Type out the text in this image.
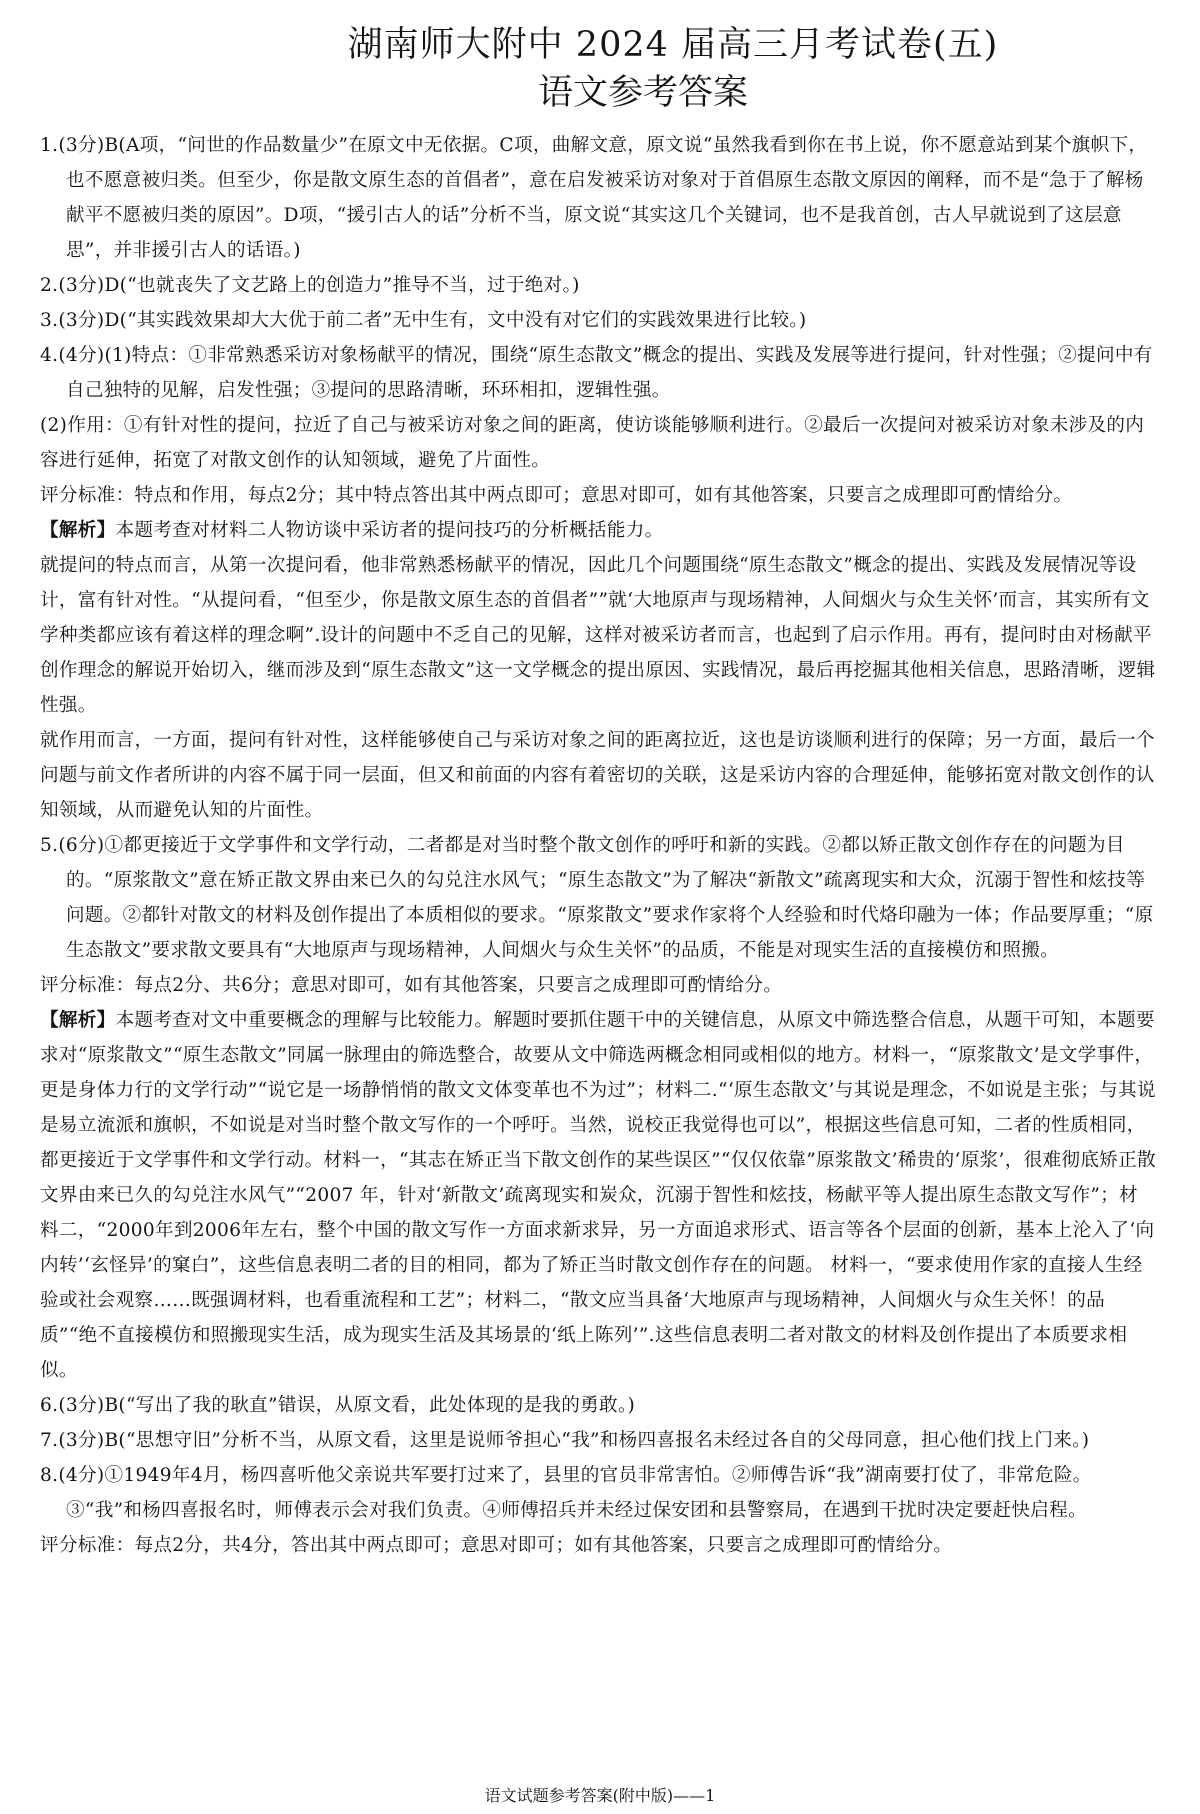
湖南师大附中 2024 届高三月考试卷(五)
语文参考答案

1.(3分)B(A项，“问世的作品数量少”在原文中无依据。C项，曲解文意，原文说“虽然我看到你在书上说，你不愿意站到某个旗帜下，也不愿意被归类。但至少，你是散文原生态的首倡者”，意在启发被采访对象对于首倡原生态散文原因的阐释，而不是“急于了解杨献平不愿被归类的原因”。D项，“援引古人的话”分析不当，原文说“其实这几个关键词，也不是我首创，古人早就说到了这层意思”，并非援引古人的话语。)

2.(3分)D(“也就丧失了文艺路上的创造力”推导不当，过于绝对。)

3.(3分)D(“其实践效果却大大优于前二者”无中生有，文中没有对它们的实践效果进行比较。)

4.(4分)(1)特点：①非常熟悉采访对象杨献平的情况，围绕“原生态散文”概念的提出、实践及发展等进行提问，针对性强；②提问中有自己独特的见解，启发性强；③提问的思路清晰，环环相扣，逻辑性强。

(2)作用：①有针对性的提问，拉近了自己与被采访对象之间的距离，使访谈能够顺利进行。②最后一次提问对被采访对象未涉及的内容进行延伸，拓宽了对散文创作的认知领域，避免了片面性。

评分标准：特点和作用，每点2分；其中特点答出其中两点即可；意思对即可，如有其他答案，只要言之成理即可酌情给分。

【解析】本题考查对材料二人物访谈中采访者的提问技巧的分析概括能力。

就提问的特点而言，从第一次提问看，他非常熟悉杨献平的情况，因此几个问题围绕“原生态散文”概念的提出、实践及发展情况等设计，富有针对性。“从提问看，“但至少，你是散文原生态的首倡者””就‘大地原声与现场精神，人间烟火与众生关怀’而言，其实所有文学种类都应该有着这样的理念啊”.设计的问题中不乏自己的见解，这样对被采访者而言，也起到了启示作用。再有，提问时由对杨献平创作理念的解说开始切入，继而涉及到“原生态散文”这一文学概念的提出原因、实践情况，最后再挖掘其他相关信息，思路清晰，逻辑性强。

就作用而言，一方面，提问有针对性，这样能够使自己与采访对象之间的距离拉近，这也是访谈顺利进行的保障；另一方面，最后一个问题与前文作者所讲的内容不属于同一层面，但又和前面的内容有着密切的关联，这是采访内容的合理延伸，能够拓宽对散文创作的认知领域，从而避免认知的片面性。

5.(6分)①都更接近于文学事件和文学行动，二者都是对当时整个散文创作的呼吁和新的实践。②都以矫正散文创作存在的问题为目的。“原浆散文”意在矫正散文界由来已久的勾兑注水风气；“原生态散文”为了解决“新散文”疏离现实和大众，沉溺于智性和炫技等问题。②都针对散文的材料及创作提出了本质相似的要求。“原浆散文”要求作家将个人经验和时代烙印融为一体；作品要厚重；“原生态散文”要求散文要具有“大地原声与现场精神，人间烟火与众生关怀”的品质，不能是对现实生活的直接模仿和照搬。

评分标准：每点2分、共6分；意思对即可，如有其他答案，只要言之成理即可酌情给分。

【解析】本题考查对文中重要概念的理解与比较能力。解题时要抓住题干中的关键信息，从原文中筛选整合信息，从题干可知，本题要求对“原浆散文”“原生态散文”同属一脉理由的筛选整合，故要从文中筛选两概念相同或相似的地方。材料一，“原浆散文’是文学事件，更是身体力行的文学行动”“说它是一场静悄悄的散文文体变革也不为过”；材料二.“‘原生态散文’与其说是理念，不如说是主张；与其说是易立流派和旗帜，不如说是对当时整个散文写作的一个呼吁。当然，说校正我觉得也可以”，根据这些信息可知，二者的性质相同，都更接近于文学事件和文学行动。材料一，“其志在矫正当下散文创作的某些误区”“仅仅依靠”原浆散文’稀贵的‘原浆’，很难彻底矫正散文界由来已久的勾兑注水风气”“2007 年，针对‘新散文’疏离现实和炭众，沉溺于智性和炫技，杨献平等人提出原生态散文写作”；材料二，“2000年到2006年左右，整个中国的散文写作一方面求新求异，另一方面追求形式、语言等各个层面的创新，基本上沦入了‘向内转’‘玄怪异’的窠白”，这些信息表明二者的目的相同，都为了矫正当时散文创作存在的问题。 材料一，“要求使用作家的直接人生经验或社会观察……既强调材料，也看重流程和工艺”；材料二，“散文应当具备‘大地原声与现场精神，人间烟火与众生关怀！的品质”“绝不直接模仿和照搬现实生活，成为现实生活及其场景的‘纸上陈列’”.这些信息表明二者对散文的材料及创作提出了本质要求相似。

6.(3分)B(“写出了我的耿直”错误，从原文看，此处体现的是我的勇敢。)

7.(3分)B(“思想守旧”分析不当，从原文看，这里是说师爷担心“我”和杨四喜报名未经过各自的父母同意，担心他们找上门来。)

8.(4分)①1949年4月，杨四喜听他父亲说共军要打过来了，县里的官员非常害怕。②师傅告诉“我”湖南要打仗了，非常危险。③“我”和杨四喜报名时，师傅表示会对我们负责。④师傅招兵并未经过保安团和县警察局，在遇到干扰时决定要赶快启程。

评分标准：每点2分，共4分，答出其中两点即可；意思对即可；如有其他答案，只要言之成理即可酌情给分。

语文试题参考答案(附中版)——1
